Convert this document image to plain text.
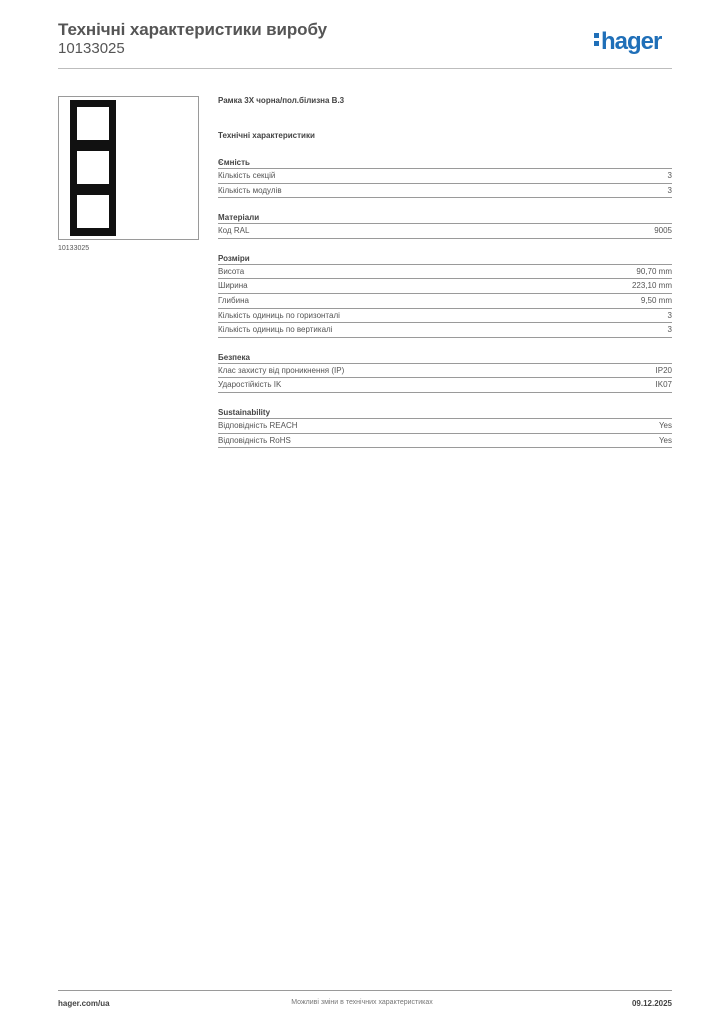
Технічні характеристики виробу
10133025	hager
10133025
Рамка 3X чорна/пол.білизна В.3
Технічні характеристики
Ємність
Кількість секцій	3
Кількість модулів	3
Матеріали
Код RAL	9005
Розміри
Висота	90,70 mm
Ширина	223,10 mm
Глибина	9,50 mm
Кількість одиниць по горизонталі	3
Кількість одиниць по вертикалі	3
Безпека
Клас захисту від проникнення (IP)	IP20
Ударостійкість IK	IK07
Sustainability
Відповідність REACH	Yes
Відповідність RoHS	Yes
hager.com/ua	Можливі зміни в технічних характеристиках	09.12.2025
